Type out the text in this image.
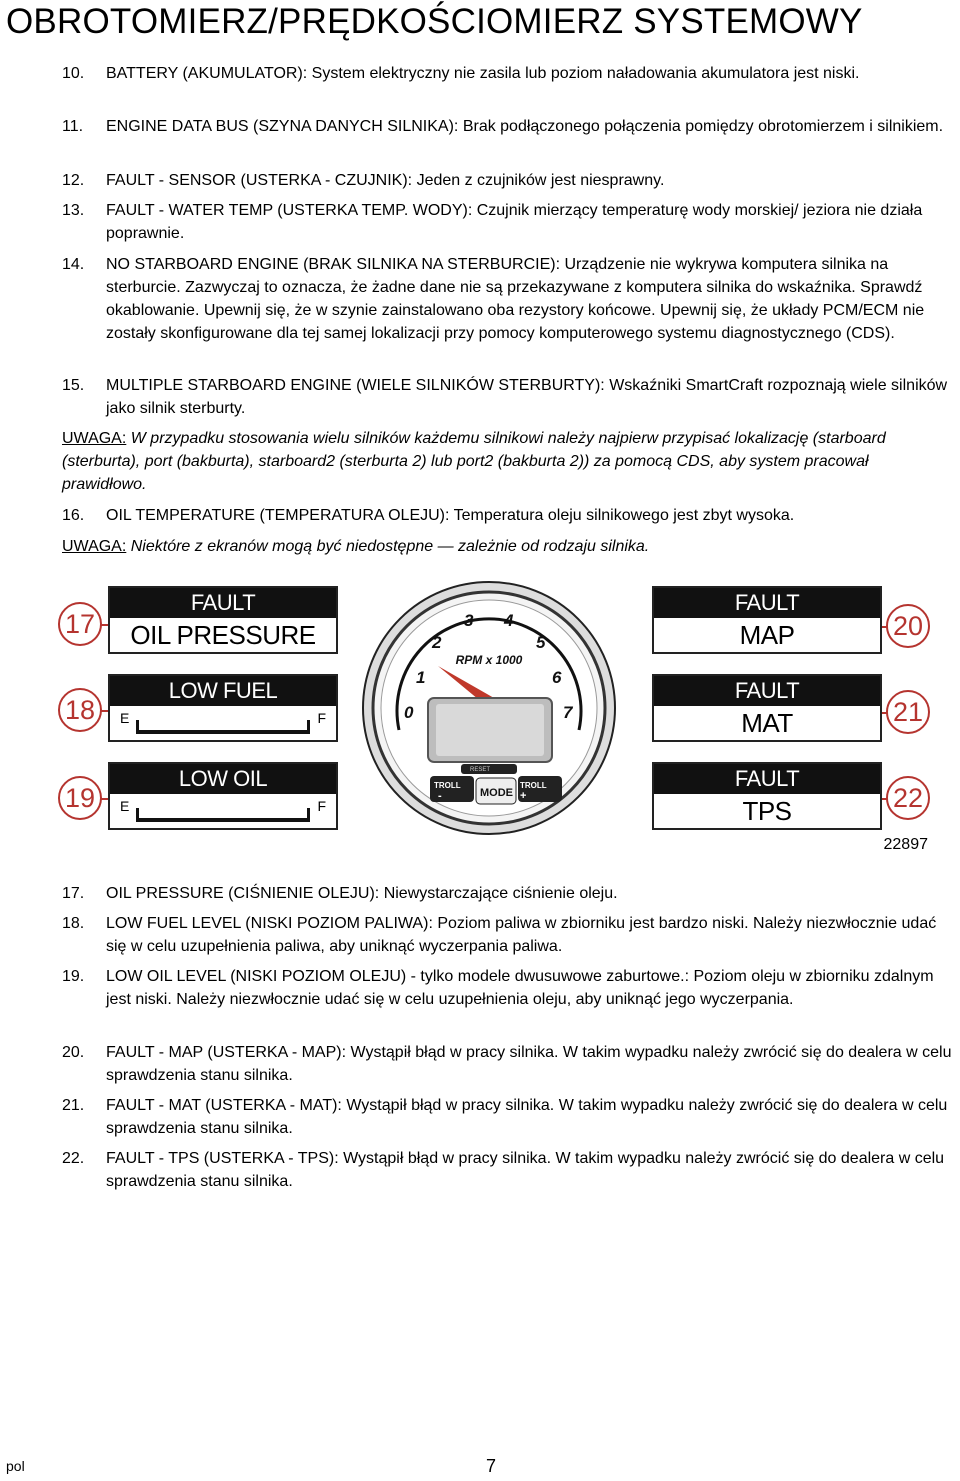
OBROTOMIERZ/PRĘDKOŚCIOMIERZ SYSTEMOWY
10. BATTERY (AKUMULATOR): System elektryczny nie zasila lub poziom naładowania akumulatora jest niski.
11. ENGINE DATA BUS (SZYNA DANYCH SILNIKA): Brak podłączonego połączenia pomiędzy obrotomierzem i silnikiem.
12. FAULT - SENSOR (USTERKA - CZUJNIK): Jeden z czujników jest niesprawny.
13. FAULT - WATER TEMP (USTERKA TEMP. WODY): Czujnik mierzący temperaturę wody morskiej/ jeziora nie działa poprawnie.
14. NO STARBOARD ENGINE (BRAK SILNIKA NA STERBURCIE): Urządzenie nie wykrywa komputera silnika na sterburcie. Zazwyczaj to oznacza, że żadne dane nie są przekazywane z komputera silnika do wskaźnika. Sprawdź okablowanie. Upewnij się, że w szynie zainstalowano oba rezystory końcowe. Upewnij się, że układy PCM/ECM nie zostały skonfigurowane dla tej samej lokalizacji przy pomocy komputerowego systemu diagnostycznego (CDS).
15. MULTIPLE STARBOARD ENGINE (WIELE SILNIKÓW STERBURTY): Wskaźniki SmartCraft rozpoznają wiele silników jako silnik sterburty.
UWAGA: W przypadku stosowania wielu silników każdemu silnikowi należy najpierw przypisać lokalizację (starboard (sterburta), port (bakburta), starboard2 (sterburta 2) lub port2 (bakburta 2)) za pomocą CDS, aby system pracował prawidłowo.
16. OIL TEMPERATURE (TEMPERATURA OLEJU): Temperatura oleju silnikowego jest zbyt wysoka.
UWAGA: Niektóre z ekranów mogą być niedostępne — zależnie od rodzaju silnika.
17
18
19
20
21
22
FAULT
OIL PRESSURE
LOW FUEL
E	F
LOW OIL
E	F
FAULT
MAP
FAULT
MAT
FAULT
TPS
0
1
2
3 4
5
6
7
RPM x 1000
RESET
TROLL
-	MODE
TROLL
+
22897
17. OIL PRESSURE (CIŚNIENIE OLEJU): Niewystarczające ciśnienie oleju.
18. LOW FUEL LEVEL (NISKI POZIOM PALIWA): Poziom paliwa w zbiorniku jest bardzo niski. Należy niezwłocznie udać się w celu uzupełnienia paliwa, aby uniknąć wyczerpania paliwa.
19. LOW OIL LEVEL (NISKI POZIOM OLEJU) - tylko modele dwusuwowe zaburtowe.: Poziom oleju w zbiorniku zdalnym jest niski. Należy niezwłocznie udać się w celu uzupełnienia oleju, aby uniknąć jego wyczerpania.
20. FAULT - MAP (USTERKA - MAP): Wystąpił błąd w pracy silnika. W takim wypadku należy zwrócić się do dealera w celu sprawdzenia stanu silnika.
21. FAULT - MAT (USTERKA - MAT): Wystąpił błąd w pracy silnika. W takim wypadku należy zwrócić się do dealera w celu sprawdzenia stanu silnika.
22. FAULT - TPS (USTERKA - TPS): Wystąpił błąd w pracy silnika. W takim wypadku należy zwrócić się do dealera w celu sprawdzenia stanu silnika.
pol	7
